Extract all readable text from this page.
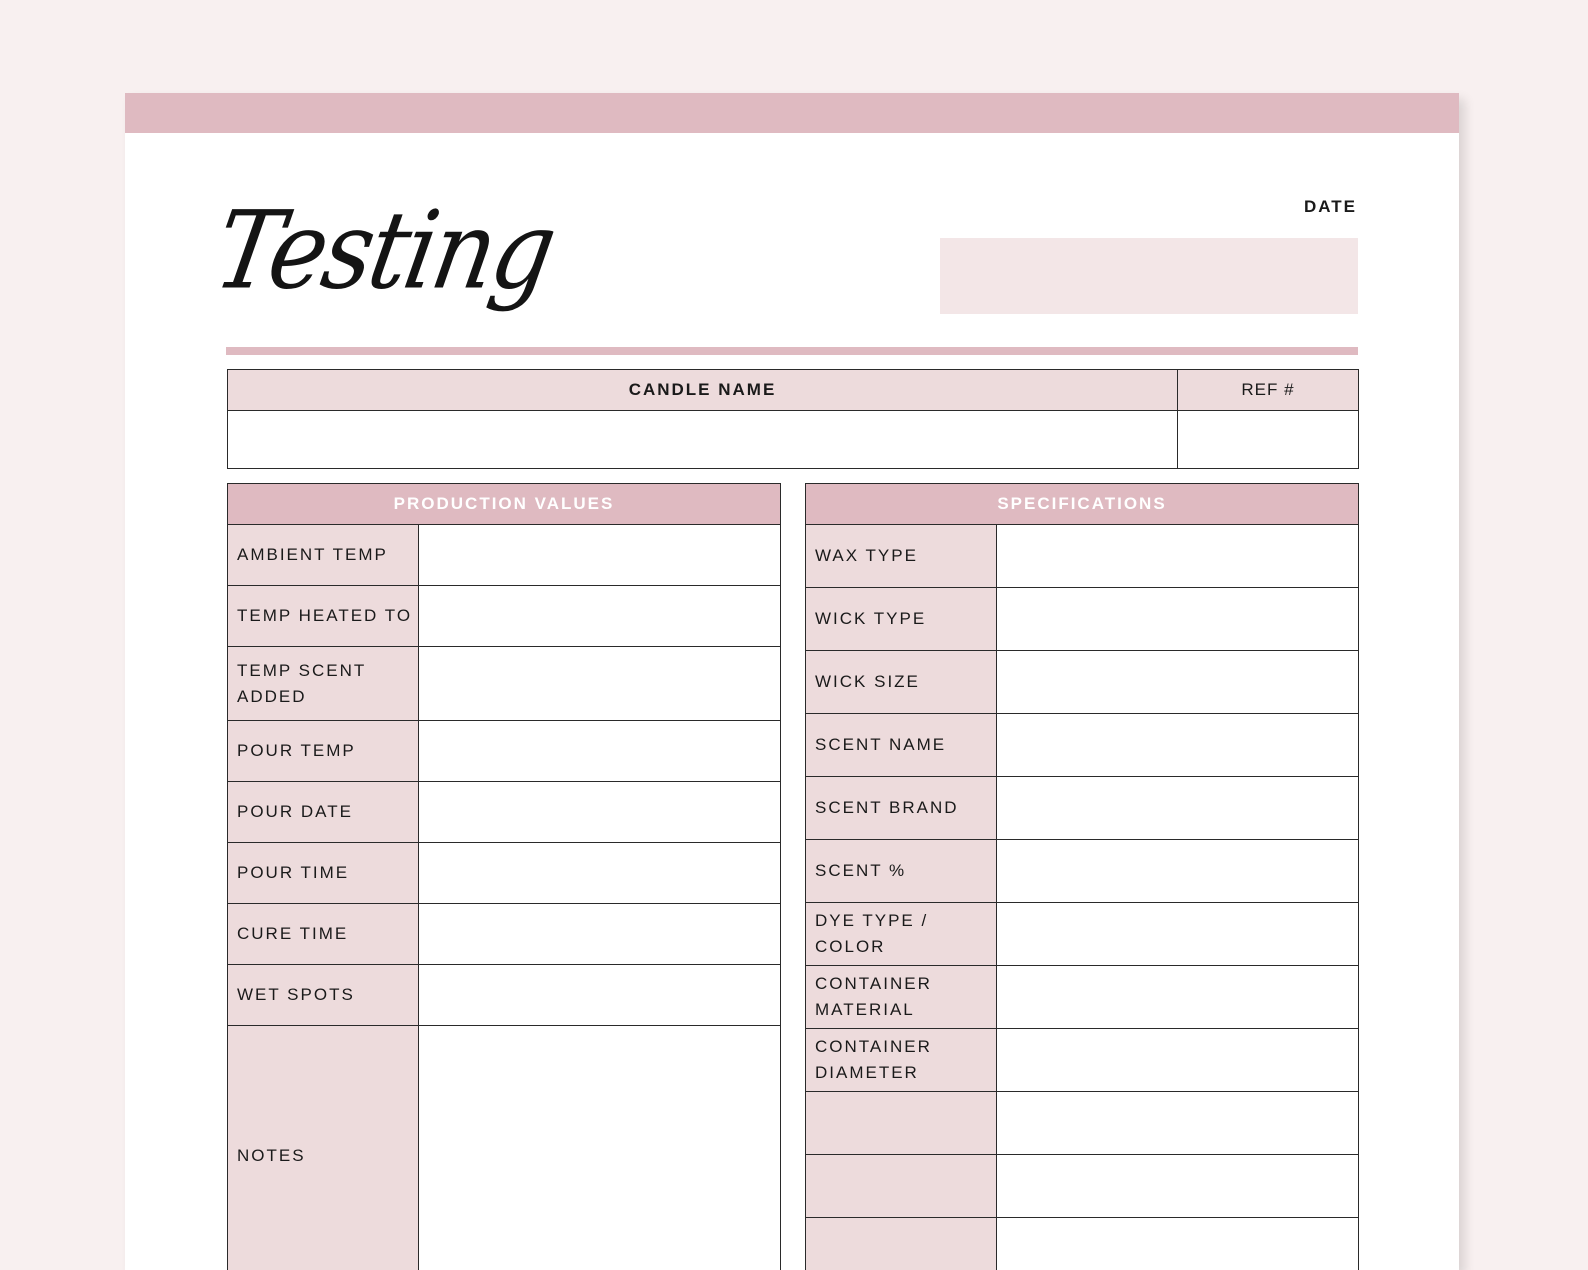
Testing	DATE
CANDLE NAME	REF #

PRODUCTION VALUES	
AMBIENT TEMP	
TEMP HEATED TO	
TEMP SCENT ADDED	
POUR TEMP	
POUR DATE	
POUR TIME	
CURE TIME	
WET SPOTS	
NOTES	
SPECIFICATIONS	
WAX TYPE	
WICK TYPE	
WICK SIZE	
SCENT NAME	
SCENT BRAND	
SCENT %	
DYE TYPE / COLOR	
CONTAINER MATERIAL	
CONTAINER DIAMETER	
